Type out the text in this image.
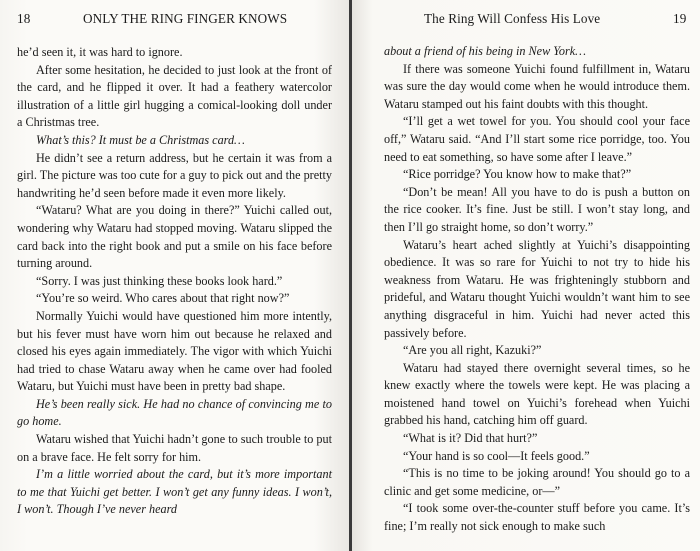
18	ONLY THE RING FINGER KNOWS

he’d seen it, it was hard to ignore.

After some hesitation, he decided to just look at the front of the card, and he flipped it over. It had a feathery watercolor illustration of a little girl hugging a comical-looking doll under a Christmas tree.

What’s this? It must be a Christmas card…

He didn’t see a return address, but he certain it was from a girl. The picture was too cute for a guy to pick out and the pretty handwriting he’d seen before made it even more likely.

“Wataru? What are you doing in there?” Yuichi called out, wondering why Wataru had stopped moving. Wataru slipped the card back into the right book and put a smile on his face before turning around.

“Sorry. I was just thinking these books look hard.”

“You’re so weird. Who cares about that right now?”

Normally Yuichi would have questioned him more intently, but his fever must have worn him out because he relaxed and closed his eyes again immediately. The vigor with which Yuichi had tried to chase Wataru away when he came over had fooled Wataru, but Yuichi must have been in pretty bad shape.

He’s been really sick. He had no chance of convincing me to go home.

Wataru wished that Yuichi hadn’t gone to such trouble to put on a brave face. He felt sorry for him.

I’m a little worried about the card, but it’s more important to me that Yuichi get better. I won’t get any funny ideas. I won’t, I won’t. Though I’ve never heard

The Ring Will Confess His Love	19

about a friend of his being in New York…

If there was someone Yuichi found fulfillment in, Wataru was sure the day would come when he would introduce them. Wataru stamped out his faint doubts with this thought.

“I’ll get a wet towel for you. You should cool your face off,” Wataru said. “And I’ll start some rice porridge, too. You need to eat something, so have some after I leave.”

“Rice porridge? You know how to make that?”

“Don’t be mean! All you have to do is push a button on the rice cooker. It’s fine. Just be still. I won’t stay long, and then I’ll go straight home, so don’t worry.”

Wataru’s heart ached slightly at Yuichi’s disappointing obedience. It was so rare for Yuichi to not try to hide his weakness from Wataru. He was frighteningly stubborn and prideful, and Wataru thought Yuichi wouldn’t want him to see anything disgraceful in him. Yuichi had never acted this passively before.

“Are you all right, Kazuki?”

Wataru had stayed there overnight several times, so he knew exactly where the towels were kept. He was placing a moistened hand towel on Yuichi’s forehead when Yuichi grabbed his hand, catching him off guard.

“What is it? Did that hurt?”

“Your hand is so cool—It feels good.”

“This is no time to be joking around! You should go to a clinic and get some medicine, or—”

“I took some over-the-counter stuff before you came. It’s fine; I’m really not sick enough to make such
